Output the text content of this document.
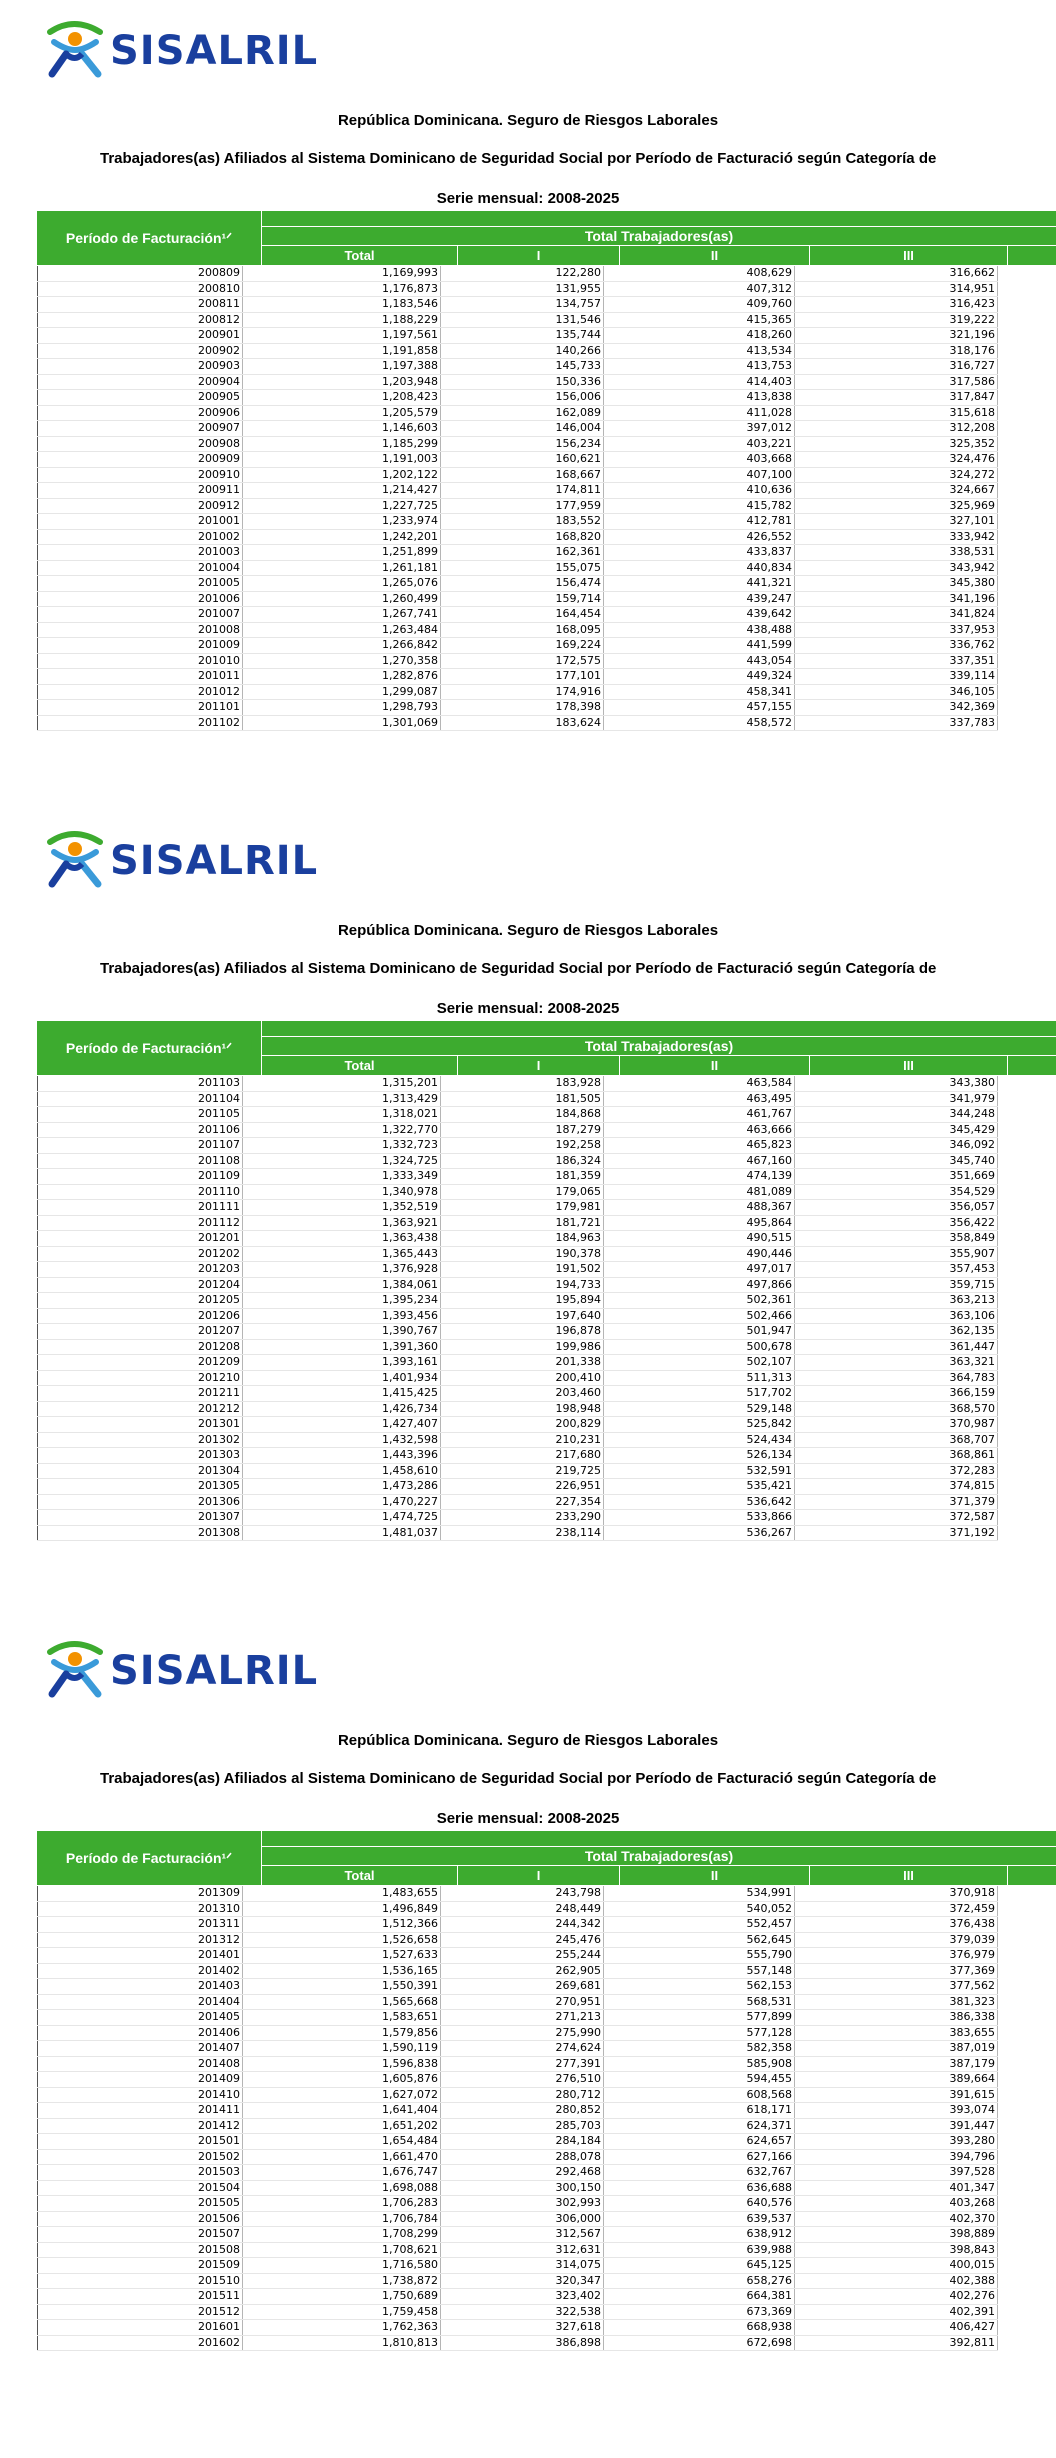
SISALRIL
República Dominicana. Seguro de Riesgos Laborales
Trabajadores(as) Afiliados al Sistema Dominicano de Seguridad Social por Período de Facturació según Categoría de
Serie mensual: 2008-2025
Período de Facturación¹ᐟ	Total Trabajadores(as)
Total	I	II	III
200809	1,169,993	122,280	408,629	316,662
200810	1,176,873	131,955	407,312	314,951
200811	1,183,546	134,757	409,760	316,423
200812	1,188,229	131,546	415,365	319,222
200901	1,197,561	135,744	418,260	321,196
200902	1,191,858	140,266	413,534	318,176
200903	1,197,388	145,733	413,753	316,727
200904	1,203,948	150,336	414,403	317,586
200905	1,208,423	156,006	413,838	317,847
200906	1,205,579	162,089	411,028	315,618
200907	1,146,603	146,004	397,012	312,208
200908	1,185,299	156,234	403,221	325,352
200909	1,191,003	160,621	403,668	324,476
200910	1,202,122	168,667	407,100	324,272
200911	1,214,427	174,811	410,636	324,667
200912	1,227,725	177,959	415,782	325,969
201001	1,233,974	183,552	412,781	327,101
201002	1,242,201	168,820	426,552	333,942
201003	1,251,899	162,361	433,837	338,531
201004	1,261,181	155,075	440,834	343,942
201005	1,265,076	156,474	441,321	345,380
201006	1,260,499	159,714	439,247	341,196
201007	1,267,741	164,454	439,642	341,824
201008	1,263,484	168,095	438,488	337,953
201009	1,266,842	169,224	441,599	336,762
201010	1,270,358	172,575	443,054	337,351
201011	1,282,876	177,101	449,324	339,114
201012	1,299,087	174,916	458,341	346,105
201101	1,298,793	178,398	457,155	342,369
201102	1,301,069	183,624	458,572	337,783
SISALRIL
República Dominicana. Seguro de Riesgos Laborales
Trabajadores(as) Afiliados al Sistema Dominicano de Seguridad Social por Período de Facturació según Categoría de
Serie mensual: 2008-2025
Período de Facturación¹ᐟ	Total Trabajadores(as)
Total	I	II	III
201103	1,315,201	183,928	463,584	343,380
201104	1,313,429	181,505	463,495	341,979
201105	1,318,021	184,868	461,767	344,248
201106	1,322,770	187,279	463,666	345,429
201107	1,332,723	192,258	465,823	346,092
201108	1,324,725	186,324	467,160	345,740
201109	1,333,349	181,359	474,139	351,669
201110	1,340,978	179,065	481,089	354,529
201111	1,352,519	179,981	488,367	356,057
201112	1,363,921	181,721	495,864	356,422
201201	1,363,438	184,963	490,515	358,849
201202	1,365,443	190,378	490,446	355,907
201203	1,376,928	191,502	497,017	357,453
201204	1,384,061	194,733	497,866	359,715
201205	1,395,234	195,894	502,361	363,213
201206	1,393,456	197,640	502,466	363,106
201207	1,390,767	196,878	501,947	362,135
201208	1,391,360	199,986	500,678	361,447
201209	1,393,161	201,338	502,107	363,321
201210	1,401,934	200,410	511,313	364,783
201211	1,415,425	203,460	517,702	366,159
201212	1,426,734	198,948	529,148	368,570
201301	1,427,407	200,829	525,842	370,987
201302	1,432,598	210,231	524,434	368,707
201303	1,443,396	217,680	526,134	368,861
201304	1,458,610	219,725	532,591	372,283
201305	1,473,286	226,951	535,421	374,815
201306	1,470,227	227,354	536,642	371,379
201307	1,474,725	233,290	533,866	372,587
201308	1,481,037	238,114	536,267	371,192
SISALRIL
República Dominicana. Seguro de Riesgos Laborales
Trabajadores(as) Afiliados al Sistema Dominicano de Seguridad Social por Período de Facturació según Categoría de
Serie mensual: 2008-2025
Período de Facturación¹ᐟ	Total Trabajadores(as)
Total	I	II	III
201309	1,483,655	243,798	534,991	370,918
201310	1,496,849	248,449	540,052	372,459
201311	1,512,366	244,342	552,457	376,438
201312	1,526,658	245,476	562,645	379,039
201401	1,527,633	255,244	555,790	376,979
201402	1,536,165	262,905	557,148	377,369
201403	1,550,391	269,681	562,153	377,562
201404	1,565,668	270,951	568,531	381,323
201405	1,583,651	271,213	577,899	386,338
201406	1,579,856	275,990	577,128	383,655
201407	1,590,119	274,624	582,358	387,019
201408	1,596,838	277,391	585,908	387,179
201409	1,605,876	276,510	594,455	389,664
201410	1,627,072	280,712	608,568	391,615
201411	1,641,404	280,852	618,171	393,074
201412	1,651,202	285,703	624,371	391,447
201501	1,654,484	284,184	624,657	393,280
201502	1,661,470	288,078	627,166	394,796
201503	1,676,747	292,468	632,767	397,528
201504	1,698,088	300,150	636,688	401,347
201505	1,706,283	302,993	640,576	403,268
201506	1,706,784	306,000	639,537	402,370
201507	1,708,299	312,567	638,912	398,889
201508	1,708,621	312,631	639,988	398,843
201509	1,716,580	314,075	645,125	400,015
201510	1,738,872	320,347	658,276	402,388
201511	1,750,689	323,402	664,381	402,276
201512	1,759,458	322,538	673,369	402,391
201601	1,762,363	327,618	668,938	406,427
201602	1,810,813	386,898	672,698	392,811
